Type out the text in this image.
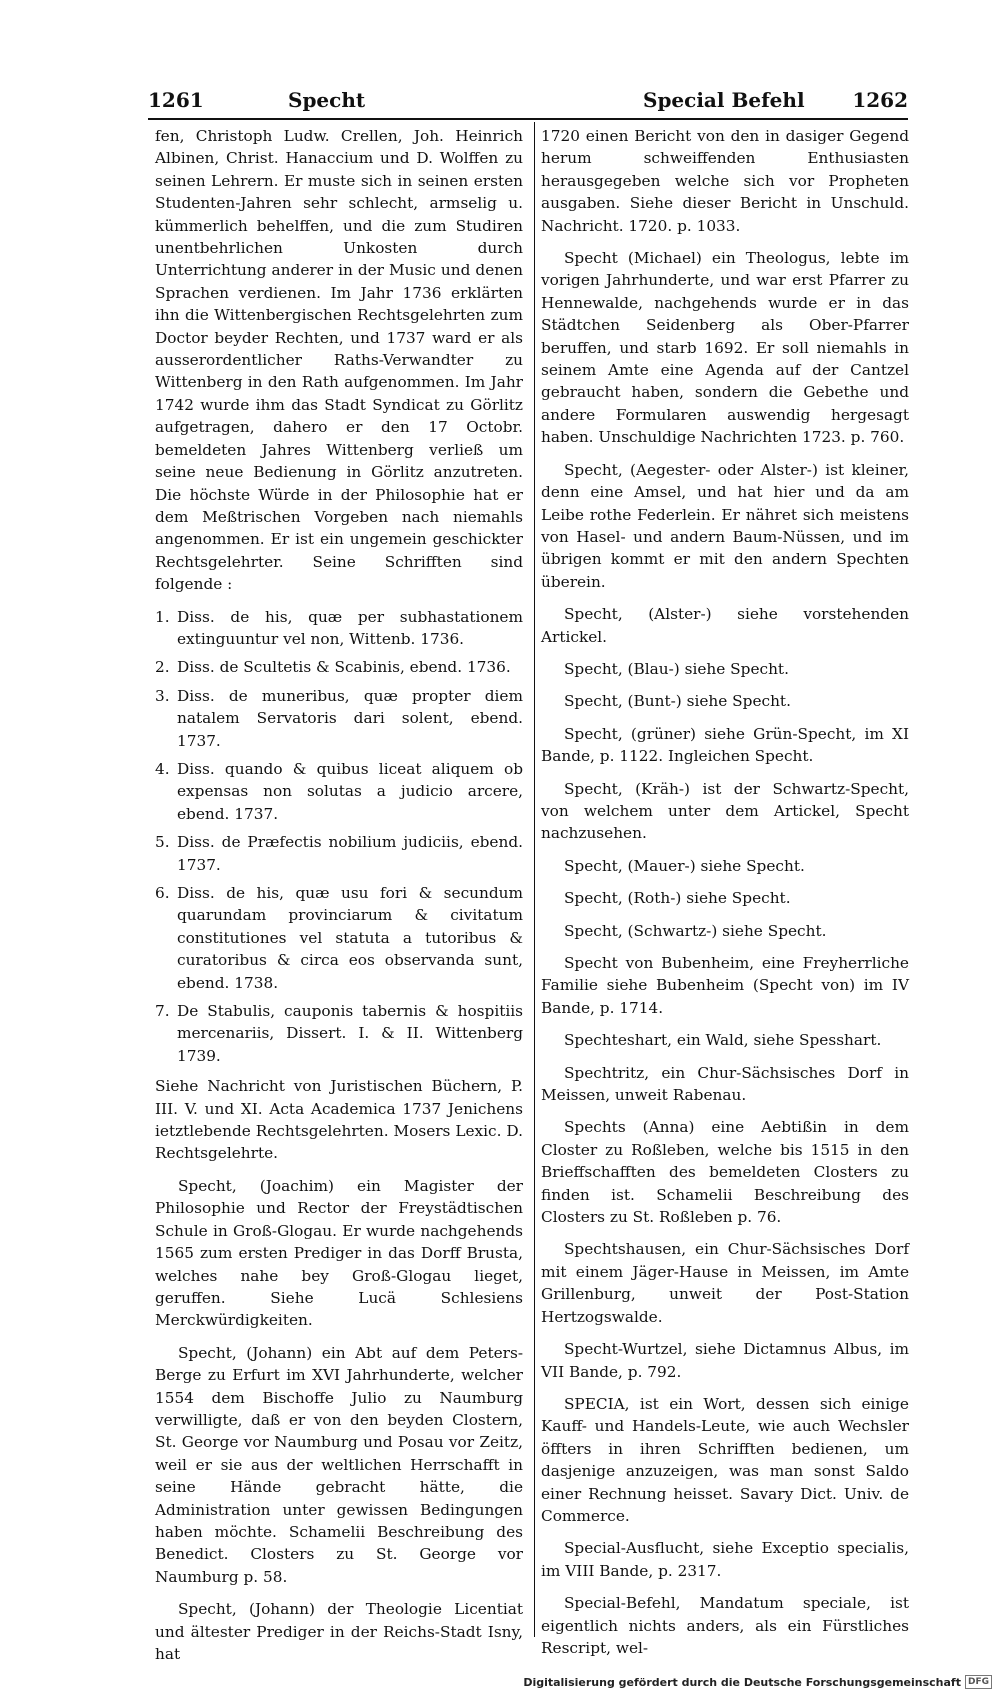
1261	Specht	Special Befehl 1262

fen, Christoph Ludw. Crellen, Joh. Heinrich Albinen, Christ. Hanaccium und D. Wolffen zu seinen Lehrern. Er muste sich in seinen ersten Studenten-Jahren sehr schlecht, armselig u. kümmerlich behelffen, und die zum Studiren unentbehrlichen Unkosten durch Unterrichtung anderer in der Music und denen Sprachen verdienen. Im Jahr 1736 erklärten ihn die Wittenbergischen Rechtsgelehrten zum Doctor beyder Rechten, und 1737 ward er als ausserordentlicher Raths-Verwandter zu Wittenberg in den Rath aufgenommen. Im Jahr 1742 wurde ihm das Stadt Syndicat zu Görlitz aufgetragen, dahero er den 17 Octobr. bemeldeten Jahres Wittenberg verließ um seine neue Bedienung in Görlitz anzutreten. Die höchste Würde in der Philosophie hat er dem Meßtrischen Vorgeben nach niemahls angenommen. Er ist ein ungemein geschickter Rechtsgelehrter. Seine Schrifften sind folgende :

1. Diss. de his, quæ per subhastationem extinguuntur vel non, Wittenb. 1736.
2. Diss. de Scultetis & Scabinis, ebend. 1736.
3. Diss. de muneribus, quæ propter diem natalem Servatoris dari solent, ebend. 1737.
4. Diss. quando & quibus liceat aliquem ob expensas non solutas a judicio arcere, ebend. 1737.
5. Diss. de Præfectis nobilium judiciis, ebend. 1737.
6. Diss. de his, quæ usu fori & secundum quarundam provinciarum & civitatum constitutiones vel statuta a tutoribus & curatoribus & circa eos observanda sunt, ebend. 1738.
7. De Stabulis, cauponis tabernis & hospitiis mercenariis, Dissert. I. & II. Wittenberg 1739.

Siehe Nachricht von Juristischen Büchern, P. III. V. und XI. Acta Academica 1737 Jenichens ietztlebende Rechtsgelehrten. Mosers Lexic. D. Rechtsgelehrte.

Specht, (Joachim) ein Magister der Philosophie und Rector der Freystädtischen Schule in Groß-Glogau. Er wurde nachgehends 1565 zum ersten Prediger in das Dorff Brusta, welches nahe bey Groß-Glogau lieget, geruffen. Siehe Lucä Schlesiens Merckwürdigkeiten.

Specht, (Johann) ein Abt auf dem Peters-Berge zu Erfurt im XVI Jahrhunderte, welcher 1554 dem Bischoffe Julio zu Naumburg verwilligte, daß er von den beyden Clostern, St. George vor Naumburg und Posau vor Zeitz, weil er sie aus der weltlichen Herrschafft in seine Hände gebracht hätte, die Administration unter gewissen Bedingungen haben möchte. Schamelii Beschreibung des Benedict. Closters zu St. George vor Naumburg p. 58.

Specht, (Johann) der Theologie Licentiat und ältester Prediger in der Reichs-Stadt Isny, hat

1720 einen Bericht von den in dasiger Gegend herum schweiffenden Enthusiasten herausgegeben welche sich vor Propheten ausgaben. Siehe dieser Bericht in Unschuld. Nachricht. 1720. p. 1033.

Specht (Michael) ein Theologus, lebte im vorigen Jahrhunderte, und war erst Pfarrer zu Hennewalde, nachgehends wurde er in das Städtchen Seidenberg als Ober-Pfarrer beruffen, und starb 1692. Er soll niemahls in seinem Amte eine Agenda auf der Cantzel gebraucht haben, sondern die Gebethe und andere Formularen auswendig hergesagt haben. Unschuldige Nachrichten 1723. p. 760.

Specht, (Aegester- oder Alster-) ist kleiner, denn eine Amsel, und hat hier und da am Leibe rothe Federlein. Er nähret sich meistens von Hasel- und andern Baum-Nüssen, und im übrigen kommt er mit den andern Spechten überein.

Specht, (Alster-) siehe vorstehenden Artickel.

Specht, (Blau-) siehe Specht.

Specht, (Bunt-) siehe Specht.

Specht, (grüner) siehe Grün-Specht, im XI Bande, p. 1122. Ingleichen Specht.

Specht, (Kräh-) ist der Schwartz-Specht, von welchem unter dem Artickel, Specht nachzusehen.

Specht, (Mauer-) siehe Specht.

Specht, (Roth-) siehe Specht.

Specht, (Schwartz-) siehe Specht.

Specht von Bubenheim, eine Freyherrliche Familie siehe Bubenheim (Specht von) im IV Bande, p. 1714.

Spechteshart, ein Wald, siehe Spesshart.

Spechtritz, ein Chur-Sächsisches Dorf in Meissen, unweit Rabenau.

Spechts (Anna) eine Aebtißin in dem Closter zu Roßleben, welche bis 1515 in den Brieffschafften des bemeldeten Closters zu finden ist. Schamelii Beschreibung des Closters zu St. Roßleben p. 76.

Spechtshausen, ein Chur-Sächsisches Dorf mit einem Jäger-Hause in Meissen, im Amte Grillenburg, unweit der Post-Station Hertzogswalde.

Specht-Wurtzel, siehe Dictamnus Albus, im VII Bande, p. 792.

SPECIA, ist ein Wort, dessen sich einige Kauff- und Handels-Leute, wie auch Wechsler öffters in ihren Schrifften bedienen, um dasjenige anzuzeigen, was man sonst Saldo einer Rechnung heisset. Savary Dict. Univ. de Commerce.

Special-Ausflucht, siehe Exceptio specialis, im VIII Bande, p. 2317.

Special-Befehl, Mandatum speciale, ist eigentlich nichts anders, als ein Fürstliches Rescript, wel-

Digitalisierung gefördert durch die Deutsche Forschungsgemeinschaft DFG
